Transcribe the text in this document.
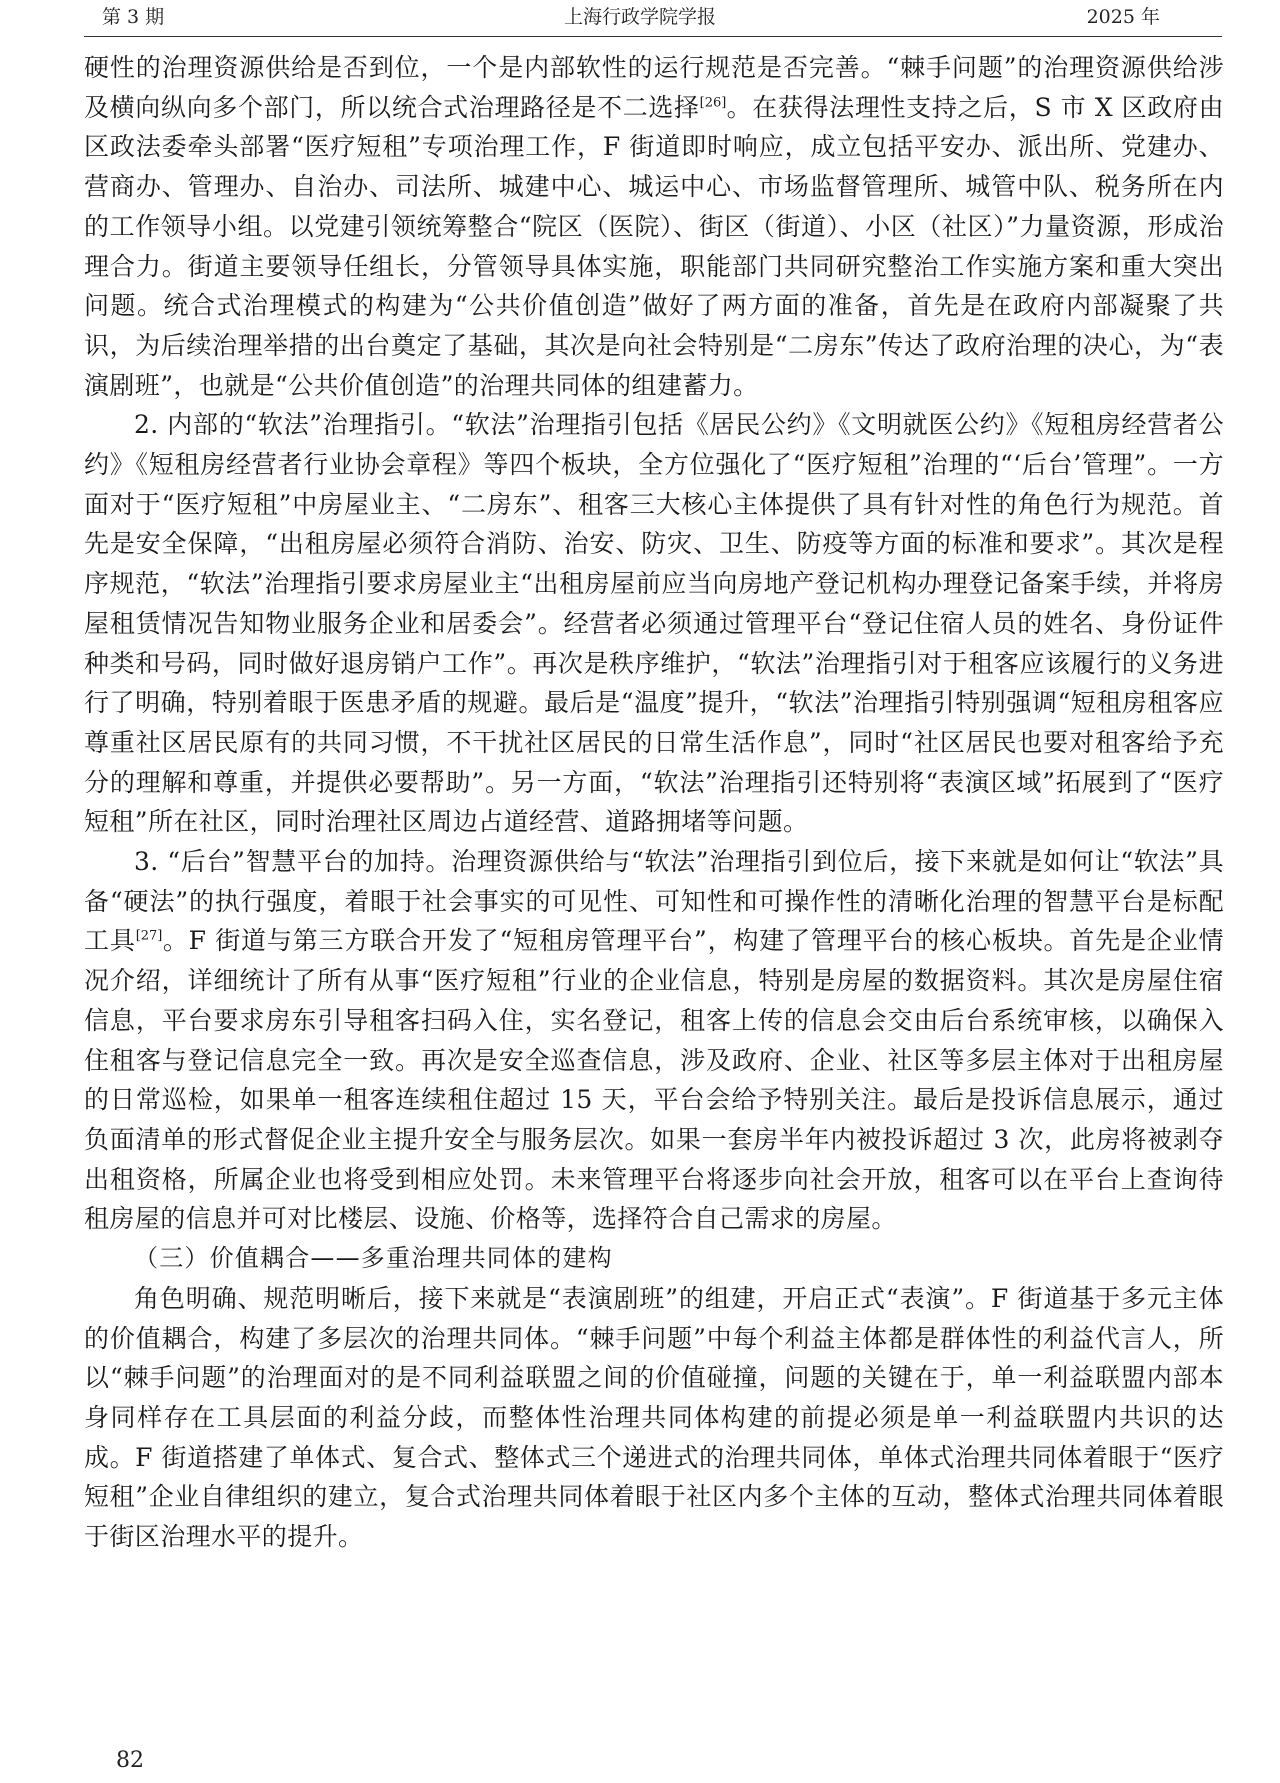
第 3 期	上海行政学院学报	2025 年

硬性的治理资源供给是否到位，一个是内部软性的运行规范是否完善。“棘手问题”的治理资源供给涉及横向纵向多个部门，所以统合式治理路径是不二选择[26]。在获得法理性支持之后，S 市 X 区政府由区政法委牵头部署“医疗短租”专项治理工作，F 街道即时响应，成立包括平安办、派出所、党建办、营商办、管理办、自治办、司法所、城建中心、城运中心、市场监督管理所、城管中队、税务所在内的工作领导小组。以党建引领统筹整合“院区（医院）、街区（街道）、小区（社区）”力量资源，形成治理合力。街道主要领导任组长，分管领导具体实施，职能部门共同研究整治工作实施方案和重大突出问题。统合式治理模式的构建为“公共价值创造”做好了两方面的准备，首先是在政府内部凝聚了共识，为后续治理举措的出台奠定了基础，其次是向社会特别是“二房东”传达了政府治理的决心，为“表演剧班”，也就是“公共价值创造”的治理共同体的组建蓄力。

2. 内部的“软法”治理指引。“软法”治理指引包括《居民公约》《文明就医公约》《短租房经营者公约》《短租房经营者行业协会章程》等四个板块，全方位强化了“医疗短租”治理的“‘后台’管理”。一方面对于“医疗短租”中房屋业主、“二房东”、租客三大核心主体提供了具有针对性的角色行为规范。首先是安全保障，“出租房屋必须符合消防、治安、防灾、卫生、防疫等方面的标准和要求”。其次是程序规范，“软法”治理指引要求房屋业主“出租房屋前应当向房地产登记机构办理登记备案手续，并将房屋租赁情况告知物业服务企业和居委会”。经营者必须通过管理平台“登记住宿人员的姓名、身份证件种类和号码，同时做好退房销户工作”。再次是秩序维护，“软法”治理指引对于租客应该履行的义务进行了明确，特别着眼于医患矛盾的规避。最后是“温度”提升，“软法”治理指引特别强调“短租房租客应尊重社区居民原有的共同习惯，不干扰社区居民的日常生活作息”，同时“社区居民也要对租客给予充分的理解和尊重，并提供必要帮助”。另一方面，“软法”治理指引还特别将“表演区域”拓展到了“医疗短租”所在社区，同时治理社区周边占道经营、道路拥堵等问题。

3. “后台”智慧平台的加持。治理资源供给与“软法”治理指引到位后，接下来就是如何让“软法”具备“硬法”的执行强度，着眼于社会事实的可见性、可知性和可操作性的清晰化治理的智慧平台是标配工具[27]。F 街道与第三方联合开发了“短租房管理平台”，构建了管理平台的核心板块。首先是企业情况介绍，详细统计了所有从事“医疗短租”行业的企业信息，特别是房屋的数据资料。其次是房屋住宿信息，平台要求房东引导租客扫码入住，实名登记，租客上传的信息会交由后台系统审核，以确保入住租客与登记信息完全一致。再次是安全巡查信息，涉及政府、企业、社区等多层主体对于出租房屋的日常巡检，如果单一租客连续租住超过 15 天，平台会给予特别关注。最后是投诉信息展示，通过负面清单的形式督促企业主提升安全与服务层次。如果一套房半年内被投诉超过 3 次，此房将被剥夺出租资格，所属企业也将受到相应处罚。未来管理平台将逐步向社会开放，租客可以在平台上查询待租房屋的信息并可对比楼层、设施、价格等，选择符合自己需求的房屋。

（三）价值耦合——多重治理共同体的建构

角色明确、规范明晰后，接下来就是“表演剧班”的组建，开启正式“表演”。F 街道基于多元主体的价值耦合，构建了多层次的治理共同体。“棘手问题”中每个利益主体都是群体性的利益代言人，所以“棘手问题”的治理面对的是不同利益联盟之间的价值碰撞，问题的关键在于，单一利益联盟内部本身同样存在工具层面的利益分歧，而整体性治理共同体构建的前提必须是单一利益联盟内共识的达成。F 街道搭建了单体式、复合式、整体式三个递进式的治理共同体，单体式治理共同体着眼于“医疗短租”企业自律组织的建立，复合式治理共同体着眼于社区内多个主体的互动，整体式治理共同体着眼于街区治理水平的提升。

82
